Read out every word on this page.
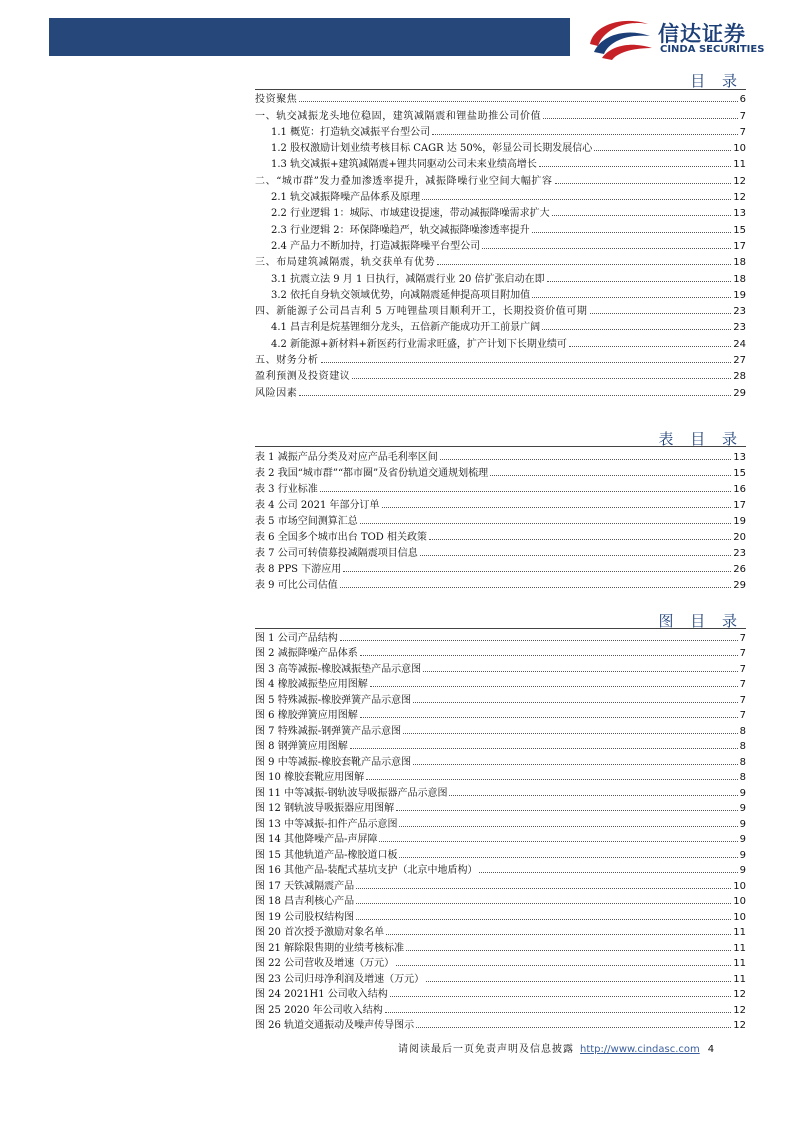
信达证券
CINDA SECURITIES
目 录
投资聚焦	6
一、轨交减振龙头地位稳固，建筑减隔震和锂盐助推公司价值	7
1.1 概览：打造轨交减振平台型公司	7
1.2 股权激励计划业绩考核目标 CAGR 达 50%，彰显公司长期发展信心	10
1.3 轨交减振+建筑减隔震+锂共同驱动公司未来业绩高增长	11
二、“城市群”发力叠加渗透率提升，减振降噪行业空间大幅扩容	12
2.1 轨交减振降噪产品体系及原理	12
2.2 行业逻辑 1：城际、市域建设提速，带动减振降噪需求扩大	13
2.3 行业逻辑 2：环保降噪趋严，轨交减振降噪渗透率提升	15
2.4 产品力不断加持，打造减振降噪平台型公司	17
三、布局建筑减隔震，轨交获单有优势	18
3.1 抗震立法 9 月 1 日执行，减隔震行业 20 倍扩张启动在即	18
3.2 依托自身轨交领域优势，向减隔震延伸提高项目附加值	19
四、新能源子公司昌吉利 5 万吨锂盐项目顺利开工，长期投资价值可期	23
4.1 昌吉利是烷基锂细分龙头，五倍新产能成功开工前景广阔	23
4.2 新能源+新材料+新医药行业需求旺盛，扩产计划下长期业绩可	24
五、财务分析	27
盈利预测及投资建议	28
风险因素	29
表 目 录
表 1 减振产品分类及对应产品毛利率区间	13
表 2 我国“城市群”“都市圈”及省份轨道交通规划梳理	15
表 3 行业标准	16
表 4 公司 2021 年部分订单	17
表 5 市场空间测算汇总	19
表 6 全国多个城市出台 TOD 相关政策	20
表 7 公司可转债募投减隔震项目信息	23
表 8 PPS 下游应用	26
表 9 可比公司估值	29
图 目 录
图 1 公司产品结构	7
图 2 减振降噪产品体系	7
图 3 高等减振-橡胶减振垫产品示意图	7
图 4 橡胶减振垫应用图解	7
图 5 特殊减振-橡胶弹簧产品示意图	7
图 6 橡胶弹簧应用图解	7
图 7 特殊减振-钢弹簧产品示意图	8
图 8 钢弹簧应用图解	8
图 9 中等减振-橡胶套靴产品示意图	8
图 10 橡胶套靴应用图解	8
图 11 中等减振-钢轨波导吸振器产品示意图	9
图 12 钢轨波导吸振器应用图解	9
图 13 中等减振-扣件产品示意图	9
图 14 其他降噪产品-声屏障	9
图 15 其他轨道产品-橡胶道口板	9
图 16 其他产品-装配式基坑支护（北京中地盾构）	9
图 17 天铁减隔震产品	10
图 18 昌吉利核心产品	10
图 19 公司股权结构图	10
图 20 首次授予激励对象名单	11
图 21 解除限售期的业绩考核标准	11
图 22 公司营收及增速（万元）	11
图 23 公司归母净利润及增速（万元）	11
图 24 2021H1 公司收入结构	12
图 25 2020 年公司收入结构	12
图 26 轨道交通振动及噪声传导图示	12
请阅读最后一页免责声明及信息披露 http://www.cindasc.com 4
